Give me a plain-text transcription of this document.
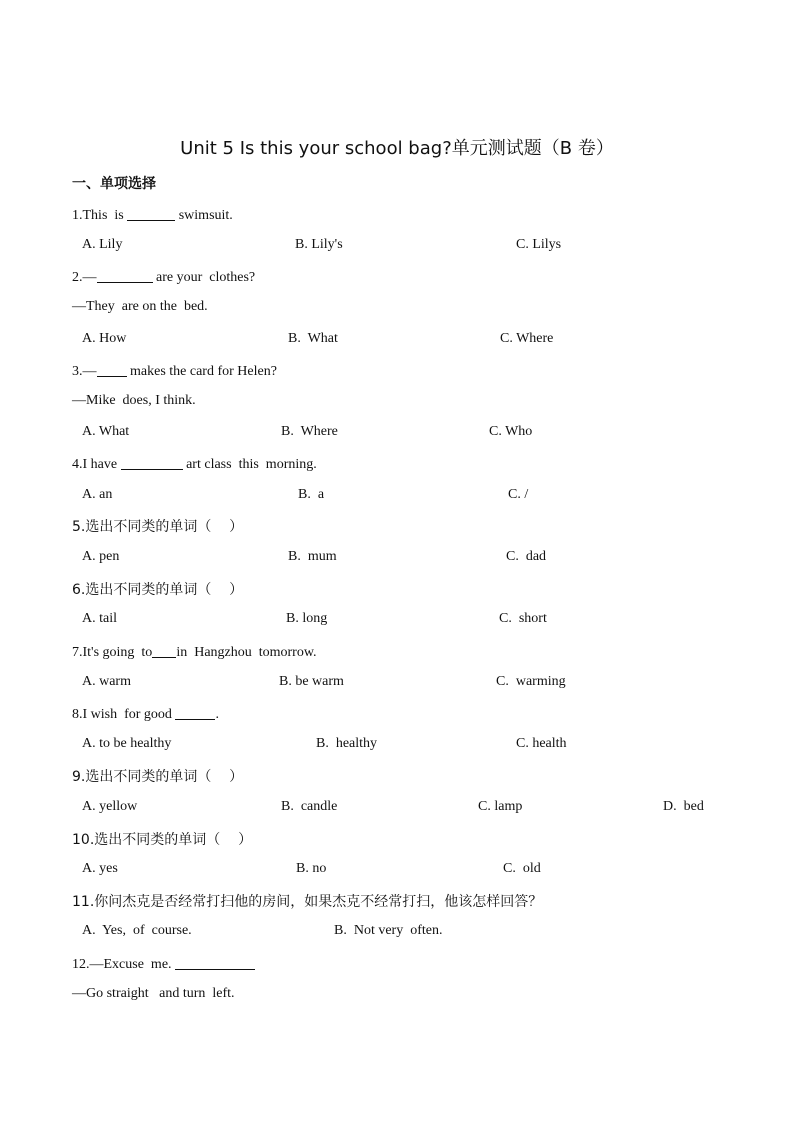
Unit 5 Is this your school bag?单元测试题（B 卷）
一、单项选择
1.This  is	swimsuit.
A. Lily	B. Lily's	C. Lilys
2.—	are your  clothes?
—They  are on the  bed.
A. How	B.  What	C. Where
3.— makes the card for Helen?
—Mike  does, I think.
A. What	B.  Where	C. Who
4.I have	art class  this  morning.
A. an	B.  a	C. /
5.选出不同类的单词（    ）
A. pen	B.  mum	C.  dad
6.选出不同类的单词（    ）
A. tail	B. long	C.  short
7.It's going  to in  Hangzhou  tomorrow.
A. warm	B. be warm	C.  warming
8.I wish  for good	.
A. to be healthy	B.  healthy	C. health
9.选出不同类的单词（    ）
A. yellow	B.  candle	C. lamp	D.  bed
10.选出不同类的单词（    ）
A. yes	B. no	C.  old
11.你问杰克是否经常打扫他的房间，如果杰克不经常打扫，他该怎样回答？
A.  Yes,  of  course.	B.  Not very  often.
12.—Excuse  me.
—Go straight   and turn  left.
